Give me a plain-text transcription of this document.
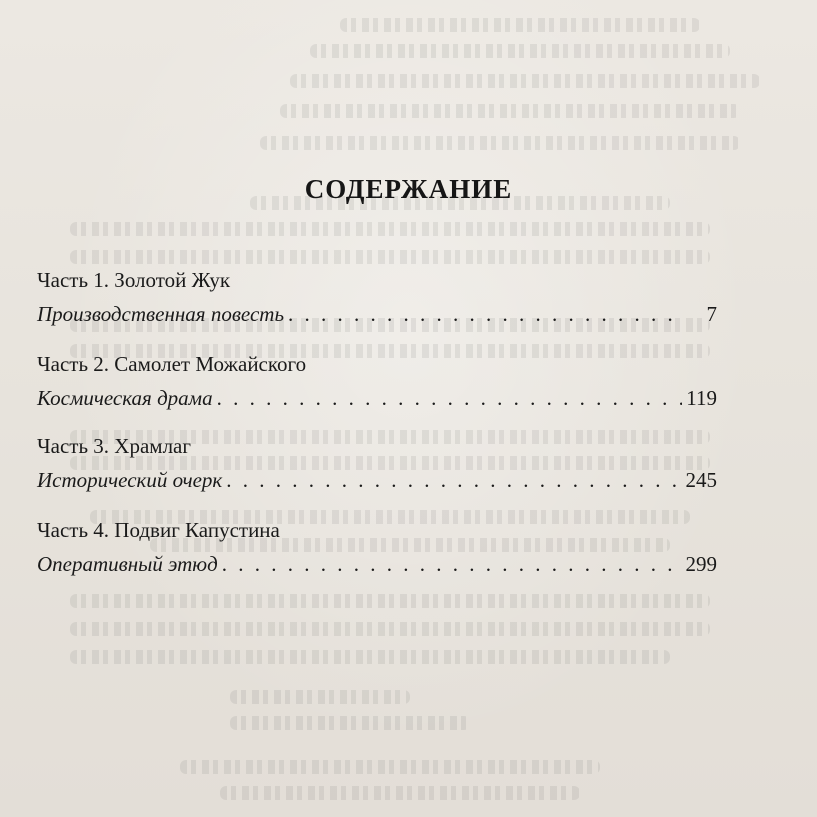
СОДЕРЖАНИЕ
Часть 1. Золотой Жук
Производственная повесть . . .	7
Часть 2. Самолет Можайского
Космическая драма . . .	119
Часть 3. Храмлаг
Исторический очерк . . .	245
Часть 4. Подвиг Капустина
Оперативный этюд . . .	299
